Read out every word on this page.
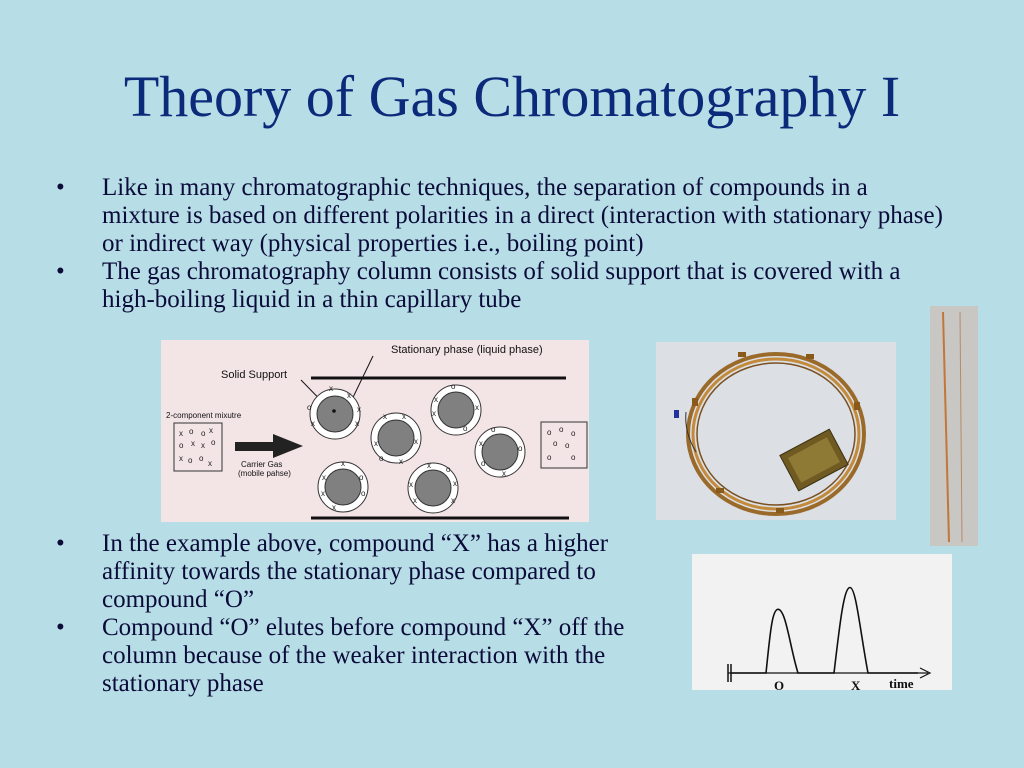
Theory of Gas Chromatography I
• Like in many chromatographic techniques, the separation of compounds in a mixture is based on different polarities in a direct (interaction with stationary phase) or indirect way (physical properties i.e., boiling point)
• The gas chromatography column consists of solid support that is covered with a high-boiling liquid in a thin capillary tube
Stationary phase (liquid phase)
Solid Support
2-component mixutre
Carrier Gas
(mobile pahse)
x o o x
o x x o
x o o
x
x
x
o	x
x	x
o
x
x
x
o
x x
x	x
o x
o
x
o
o
x
x
x	o
x	o
x
x o
x	x
x	x
o o o
o o
o o
• In the example above, compound “X” has a higher affinity towards the stationary phase compared to compound “O”
• Compound “O” elutes before compound “X” off the column because of the weaker interaction with the stationary phase	O	X time
